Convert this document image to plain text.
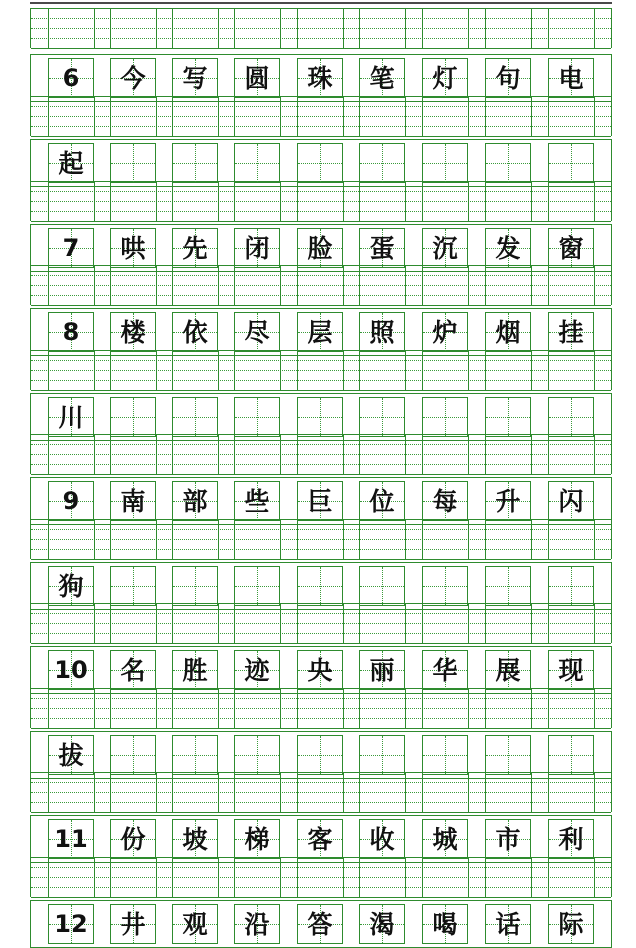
6	今	写	圆	珠	笔	灯	句	电
起
7	哄	先	闭	脸	蛋	沉	发	窗
8	楼	依	尽	层	照	炉	烟	挂
川
9	南	部	些	巨	位	每	升	闪
狗
10	名	胜	迹	央	丽	华	展	现
拔
11	份	坡	梯	客	收	城	市	利
12	井	观	沿	答	渴	喝	话	际
